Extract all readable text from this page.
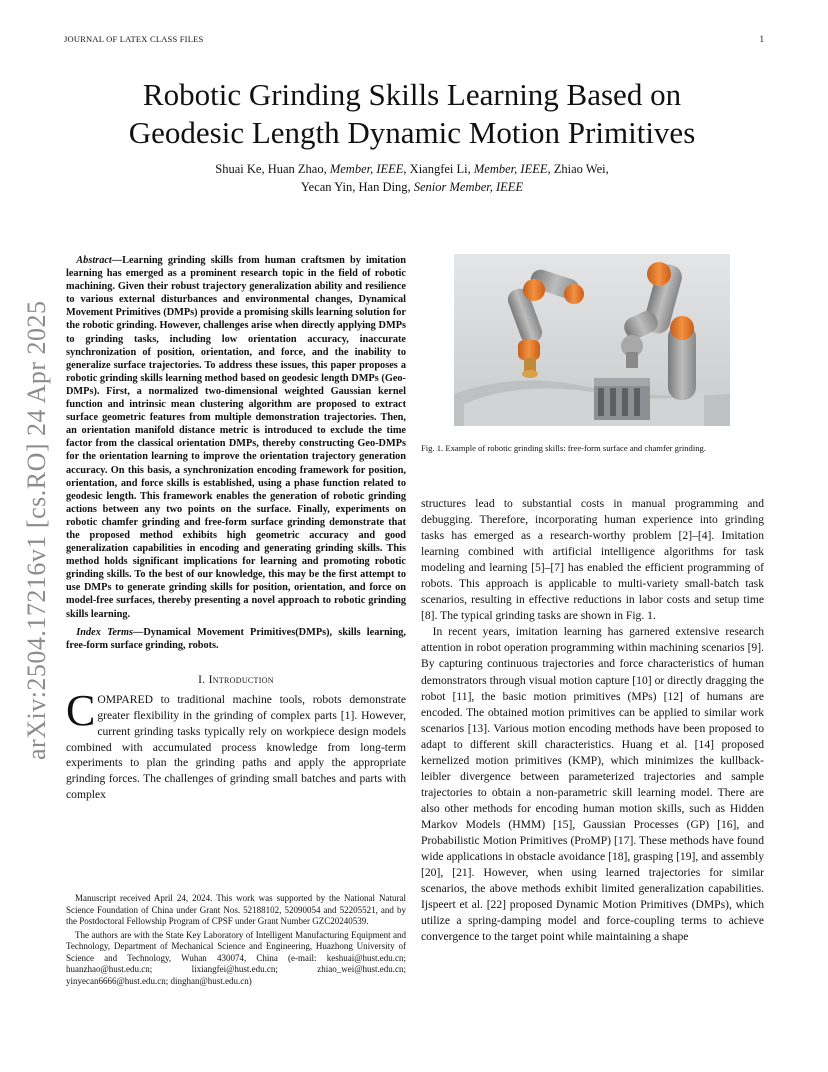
JOURNAL OF LATEX CLASS FILES	1
arXiv:2504.17216v1 [cs.RO] 24 Apr 2025
Robotic Grinding Skills Learning Based on
Geodesic Length Dynamic Motion Primitives
Shuai Ke, Huan Zhao, Member, IEEE, Xiangfei Li, Member, IEEE, Zhiao Wei,
Yecan Yin, Han Ding, Senior Member, IEEE
Abstract—Learning grinding skills from human craftsmen by imitation learning has emerged as a prominent research topic in the field of robotic machining. Given their robust trajectory generalization ability and resilience to various external disturbances and environmental changes, Dynamical Movement Primitives (DMPs) provide a promising skills learning solution for the robotic grinding. However, challenges arise when directly applying DMPs to grinding tasks, including low orientation accuracy, inaccurate synchronization of position, orientation, and force, and the inability to generalize surface trajectories. To address these issues, this paper proposes a robotic grinding skills learning method based on geodesic length DMPs (Geo-DMPs). First, a normalized two-dimensional weighted Gaussian kernel function and intrinsic mean clustering algorithm are proposed to extract surface geometric features from multiple demonstration trajectories. Then, an orientation manifold distance metric is introduced to exclude the time factor from the classical orientation DMPs, thereby constructing Geo-DMPs for the orientation learning to improve the orientation trajectory generation accuracy. On this basis, a synchronization encoding framework for position, orientation, and force skills is established, using a phase function related to geodesic length. This framework enables the generation of robotic grinding actions between any two points on the surface. Finally, experiments on robotic chamfer grinding and free-form surface grinding demonstrate that the proposed method exhibits high geometric accuracy and good generalization capabilities in encoding and generating grinding skills. This method holds significant implications for learning and promoting robotic grinding skills. To the best of our knowledge, this may be the first attempt to use DMPs to generate grinding skills for position, orientation, and force on model-free surfaces, thereby presenting a novel approach to robotic grinding skills learning.
Index Terms—Dynamical Movement Primitives(DMPs), skills learning, free-form surface grinding, robots.
I. Introduction
COMPARED to traditional machine tools, robots demonstrate greater flexibility in the grinding of complex parts [1]. However, current grinding tasks typically rely on workpiece design models combined with accumulated process knowledge from long-term experiments to plan the grinding paths and apply the appropriate grinding forces. The challenges of grinding small batches and parts with complex

Manuscript received April 24, 2024. This work was supported by the National Natural Science Foundation of China under Grant Nos. 52188102, 52090054 and 52205521, and by the Postdoctoral Fellowship Program of CPSF under Grant Number GZC20240539.

The authors are with the State Key Laboratory of Intelligent Manufacturing Equipment and Technology, Department of Mechanical Science and Engineering, Huazhong University of Science and Technology, Wuhan 430074, China (e-mail: keshuai@hust.edu.cn; huanzhao@hust.edu.cn; lixiangfei@hust.edu.cn; zhiao_wei@hust.edu.cn; yinyecan6666@hust.edu.cn; dinghan@hust.edu.cn)

Fig. 1. Example of robotic grinding skills: free-form surface and chamfer grinding.

structures lead to substantial costs in manual programming and debugging. Therefore, incorporating human experience into grinding tasks has emerged as a research-worthy problem [2]–[4]. Imitation learning combined with artificial intelligence algorithms for task modeling and learning [5]–[7] has enabled the efficient programming of robots. This approach is applicable to multi-variety small-batch task scenarios, resulting in effective reductions in labor costs and setup time [8]. The typical grinding tasks are shown in Fig. 1.

In recent years, imitation learning has garnered extensive research attention in robot operation programming within machining scenarios [9]. By capturing continuous trajectories and force characteristics of human demonstrators through visual motion capture [10] or directly dragging the robot [11], the basic motion primitives (MPs) [12] of humans are encoded. The obtained motion primitives can be applied to similar work scenarios [13]. Various motion encoding methods have been proposed to adapt to different skill characteristics. Huang et al. [14] proposed kernelized motion primitives (KMP), which minimizes the kullback-leibler divergence between parameterized trajectories and sample trajectories to obtain a non-parametric skill learning model. There are also other methods for encoding human motion skills, such as Hidden Markov Models (HMM) [15], Gaussian Processes (GP) [16], and Probabilistic Motion Primitives (ProMP) [17]. These methods have found wide applications in obstacle avoidance [18], grasping [19], and assembly [20], [21]. However, when using learned trajectories for similar scenarios, the above methods exhibit limited generalization capabilities. Ijspeert et al. [22] proposed Dynamic Motion Primitives (DMPs), which utilize a spring-damping model and force-coupling terms to achieve convergence to the target point while maintaining a shape
